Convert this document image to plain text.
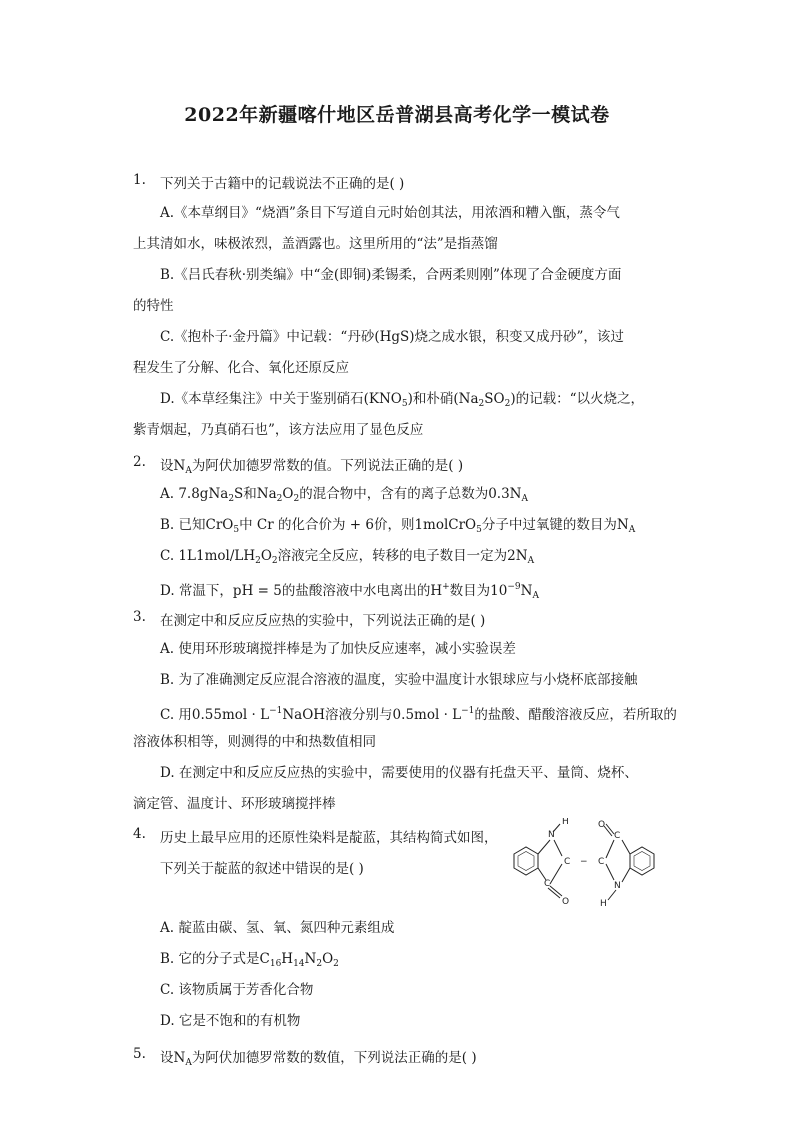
2022年新疆喀什地区岳普湖县高考化学一模试卷
1. 下列关于古籍中的记载说法不正确的是( )
A.《本草纲目》“烧酒”条目下写道自元时始创其法，用浓酒和糟入甑，蒸令气
上其清如水，味极浓烈，盖酒露也。这里所用的“法”是指蒸馏
B.《吕氏春秋·别类编》中“金(即铜)柔锡柔，合两柔则刚”体现了合金硬度方面
的特性
C.《抱朴子·金丹篇》中记载：“丹砂(HgS)烧之成水银，积变又成丹砂”，该过
程发生了分解、化合、氧化还原反应
D.《本草经集注》中关于鉴别硝石$(KNO_5)$和朴硝$(Na_2SO_2)$的记载：“以火烧之，
紫青烟起，乃真硝石也”，该方法应用了显色反应
2. 设$N_A$为阿伏加德罗常数的值。下列说法正确的是( )
A. 7.8gNa$_2$S和$Na_2O_2$的混合物中，含有的离子总数为$0.3N_A$
B. 已知CrO$_5$中 Cr 的化合价为 + 6价，则1molCrO$_5$分子中过氧键的数目为$N_A$
C. $1L1mol/LH_2O_2$溶液完全反应，转移的电子数目一定为$2N_A$
D. 常温下，pH = 5的盐酸溶液中水电离出的H+数目为$10^{-9}N_A$
3. 在测定中和反应反应热的实验中，下列说法正确的是( )
A. 使用环形玻璃搅拌棒是为了加快反应速率，减小实验误差
B. 为了准确测定反应混合溶液的温度，实验中温度计水银球应与小烧杯底部接触
C. 用$0.55mol \cdot L^{-1}NaOH$溶液分别与$0.5mol \cdot L^{-1}$的盐酸、醋酸溶液反应，若所取的
溶液体积相等，则测得的中和热数值相同
D. 在测定中和反应反应热的实验中，需要使用的仪器有托盘天平、量筒、烧杯、
滴定管、温度计、环形玻璃搅拌棒
4. 历史上最早应用的还原性染料是靛蓝，其结构简式如图，
下列关于靛蓝的叙述中错误的是( )
H
N
C − C
C
O
O
C
N
H
A. 靛蓝由碳、氢、氧、氮四种元素组成
B. 它的分子式是$C_{16}H_{14}N_2O_2$
C. 该物质属于芳香化合物
D. 它是不饱和的有机物
5. 设$N_A$为阿伏加德罗常数的数值，下列说法正确的是( )
